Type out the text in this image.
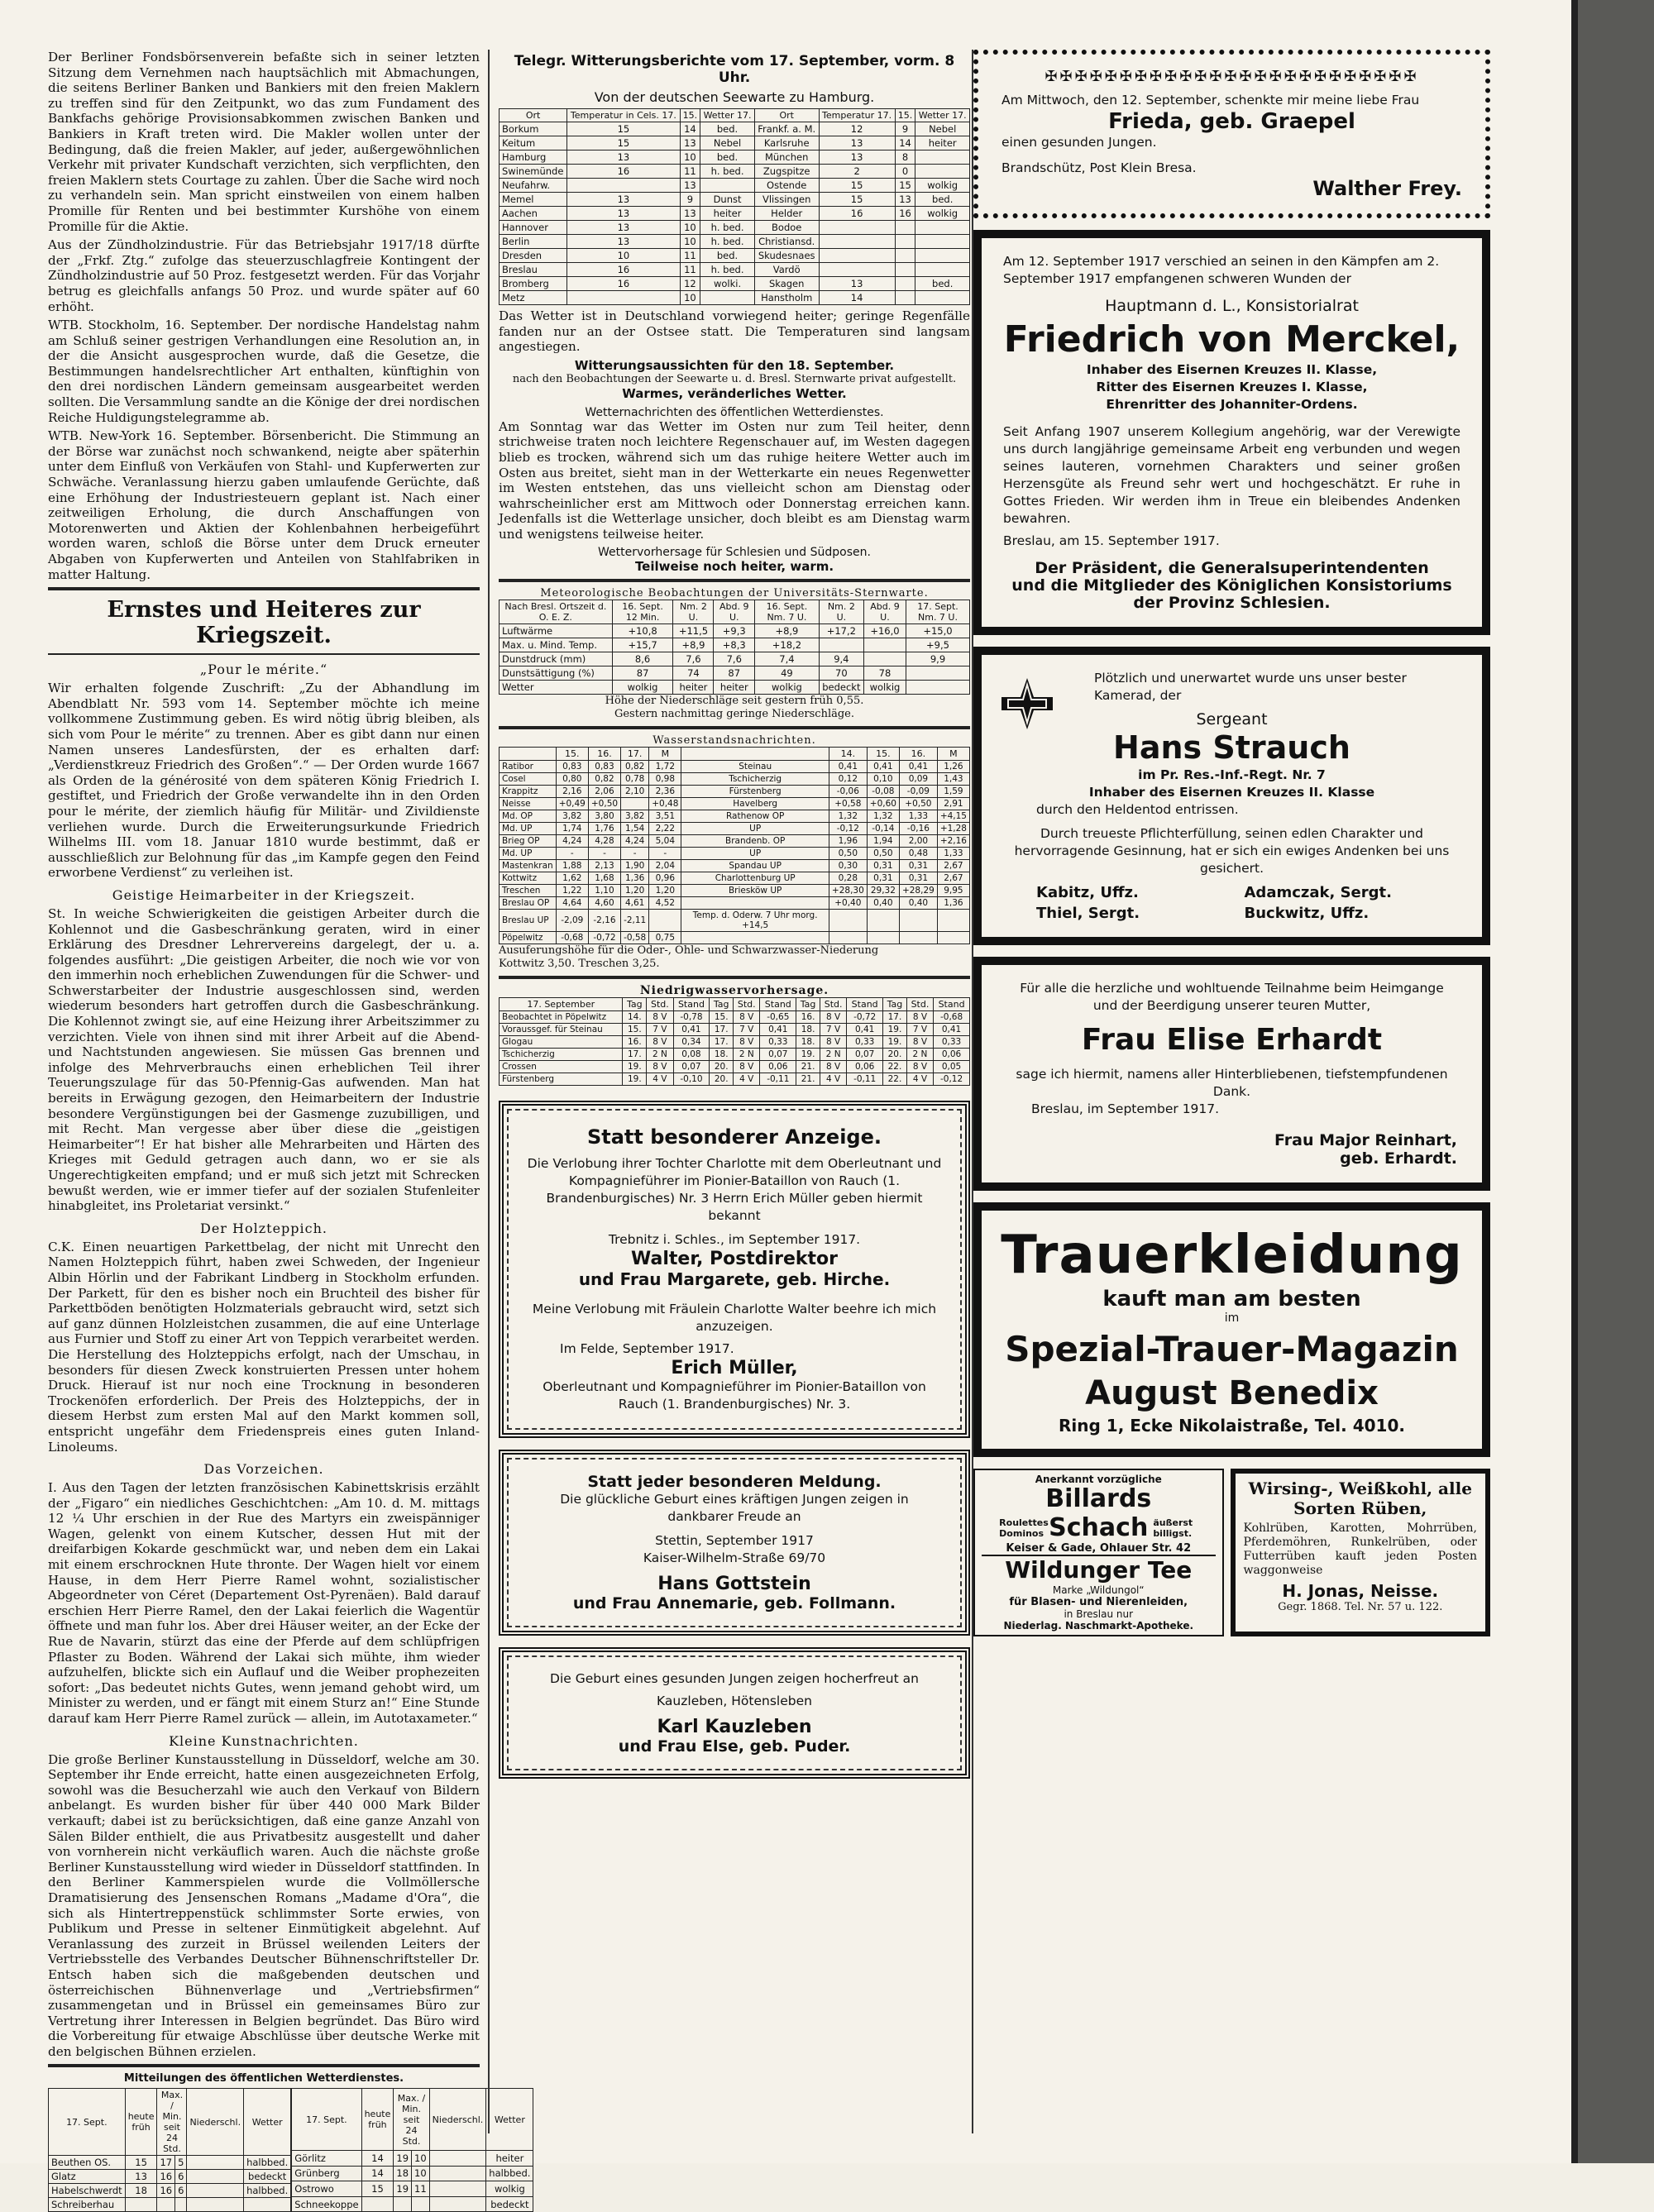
Der Berliner Fondsbörsenverein befaßte sich in seiner letzten Sitzung dem Vernehmen nach hauptsächlich mit Abmachungen, die seitens Berliner Banken und Bankiers mit den freien Maklern zu treffen sind für den Zeitpunkt, wo das zum Fundament des Bankfachs gehörige Provisionsabkommen zwischen Banken und Bankiers in Kraft treten wird. Die Makler wollen unter der Bedingung, daß die freien Makler, auf jeder, außergewöhnlichen Verkehr mit privater Kundschaft verzichten, sich verpflichten, den freien Maklern stets Courtage zu zahlen. Über die Sache wird noch zu verhandeln sein. Man spricht einstweilen von einem halben Promille für Renten und bei bestimmter Kurshöhe von einem Promille für die Aktie.

Aus der Zündholzindustrie. Für das Betriebsjahr 1917/18 dürfte der „Frkf. Ztg.“ zufolge das steuerzuschlagfreie Kontingent der Zündholzindustrie auf 50 Proz. festgesetzt werden. Für das Vorjahr betrug es gleichfalls anfangs 50 Proz. und wurde später auf 60 erhöht.

WTB. Stockholm, 16. September. Der nordische Handelstag nahm am Schluß seiner gestrigen Verhandlungen eine Resolution an, in der die Ansicht ausgesprochen wurde, daß die Gesetze, die Bestimmungen handelsrechtlicher Art enthalten, künftighin von den drei nordischen Ländern gemeinsam ausgearbeitet werden sollten. Die Versammlung sandte an die Könige der drei nordischen Reiche Huldigungstelegramme ab.

WTB. New-York 16. September. Börsenbericht. Die Stimmung an der Börse war zunächst noch schwankend, neigte aber späterhin unter dem Einfluß von Verkäufen von Stahl- und Kupferwerten zur Schwäche. Veranlassung hierzu gaben umlaufende Gerüchte, daß eine Erhöhung der Industriesteuern geplant ist. Nach einer zeitweiligen Erholung, die durch Anschaffungen von Motorenwerten und Aktien der Kohlenbahnen herbeigeführt worden waren, schloß die Börse unter dem Druck erneuter Abgaben von Kupferwerten und Anteilen von Stahlfabriken in matter Haltung.

Ernstes und Heiteres zur Kriegszeit.
„Pour le mérite.“

Wir erhalten folgende Zuschrift: „Zu der Abhandlung im Abendblatt Nr. 593 vom 14. September möchte ich meine vollkommene Zustimmung geben. Es wird nötig übrig bleiben, als sich vom Pour le mérite“ zu trennen. Aber es gibt dann nur einen Namen unseres Landesfürsten, der es erhalten darf: „Verdienstkreuz Friedrich des Großen“.“ — Der Orden wurde 1667 als Orden de la générosité von dem späteren König Friedrich I. gestiftet, und Friedrich der Große verwandelte ihn in den Orden pour le mérite, der ziemlich häufig für Militär- und Zivildienste verliehen wurde. Durch die Erweiterungsurkunde Friedrich Wilhelms III. vom 18. Januar 1810 wurde bestimmt, daß er ausschließlich zur Belohnung für das „im Kampfe gegen den Feind erworbene Verdienst“ zu verleihen ist.

Geistige Heimarbeiter in der Kriegszeit.

St. In weiche Schwierigkeiten die geistigen Arbeiter durch die Kohlennot und die Gasbeschränkung geraten, wird in einer Erklärung des Dresdner Lehrervereins dargelegt, der u. a. folgendes ausführt: „Die geistigen Arbeiter, die noch wie vor von den immerhin noch erheblichen Zuwendungen für die Schwer- und Schwerstarbeiter der Industrie ausgeschlossen sind, werden wiederum besonders hart getroffen durch die Gasbeschränkung. Die Kohlennot zwingt sie, auf eine Heizung ihrer Arbeitszimmer zu verzichten. Viele von ihnen sind mit ihrer Arbeit auf die Abend- und Nachtstunden angewiesen. Sie müssen Gas brennen und infolge des Mehrverbrauchs einen erheblichen Teil ihrer Teuerungszulage für das 50-Pfennig-Gas aufwenden. Man hat bereits in Erwägung gezogen, den Heimarbeitern der Industrie besondere Vergünstigungen bei der Gasmenge zuzubilligen, und mit Recht. Man vergesse aber über diese die „geistigen Heimarbeiter“! Er hat bisher alle Mehrarbeiten und Härten des Krieges mit Geduld getragen auch dann, wo er sie als Ungerechtigkeiten empfand; und er muß sich jetzt mit Schrecken bewußt werden, wie er immer tiefer auf der sozialen Stufenleiter hinabgleitet, ins Proletariat versinkt.“

Der Holzteppich.

C.K. Einen neuartigen Parkettbelag, der nicht mit Unrecht den Namen Holzteppich führt, haben zwei Schweden, der Ingenieur Albin Hörlin und der Fabrikant Lindberg in Stockholm erfunden. Der Parkett, für den es bisher noch ein Bruchteil des bisher für Parkettböden benötigten Holzmaterials gebraucht wird, setzt sich auf ganz dünnen Holzleistchen zusammen, die auf eine Unterlage aus Furnier und Stoff zu einer Art von Teppich verarbeitet werden. Die Herstellung des Holzteppichs erfolgt, nach der Umschau, in besonders für diesen Zweck konstruierten Pressen unter hohem Druck. Hierauf ist nur noch eine Trocknung in besonderen Trockenöfen erforderlich. Der Preis des Holzteppichs, der in diesem Herbst zum ersten Mal auf den Markt kommen soll, entspricht ungefähr dem Friedenspreis eines guten Inland-Linoleums.

Das Vorzeichen.

I. Aus den Tagen der letzten französischen Kabinettskrisis erzählt der „Figaro“ ein niedliches Geschichtchen: „Am 10. d. M. mittags 12 ¼ Uhr erschien in der Rue des Martyrs ein zweispänniger Wagen, gelenkt von einem Kutscher, dessen Hut mit der dreifarbigen Kokarde geschmückt war, und neben dem ein Lakai mit einem erschrocknen Hute thronte. Der Wagen hielt vor einem Hause, in dem Herr Pierre Ramel wohnt, sozialistischer Abgeordneter von Céret (Departement Ost-Pyrenäen). Bald darauf erschien Herr Pierre Ramel, den der Lakai feierlich die Wagentür öffnete und man fuhr los. Aber drei Häuser weiter, an der Ecke der Rue de Navarin, stürzt das eine der Pferde auf dem schlüpfrigen Pflaster zu Boden. Während der Lakai sich mühte, ihm wieder aufzuhelfen, blickte sich ein Auflauf und die Weiber prophezeiten sofort: „Das bedeutet nichts Gutes, wenn jemand gehobt wird, um Minister zu werden, und er fängt mit einem Sturz an!“ Eine Stunde darauf kam Herr Pierre Ramel zurück — allein, im Autotaxameter.“

Kleine Kunstnachrichten.

Die große Berliner Kunstausstellung in Düsseldorf, welche am 30. September ihr Ende erreicht, hatte einen ausgezeichneten Erfolg, sowohl was die Besucherzahl wie auch den Verkauf von Bildern anbelangt. Es wurden bisher für über 440 000 Mark Bilder verkauft; dabei ist zu berücksichtigen, daß eine ganze Anzahl von Sälen Bilder enthielt, die aus Privatbesitz ausgestellt und daher von vornherein nicht verkäuflich waren. Auch die nächste große Berliner Kunstausstellung wird wieder in Düsseldorf stattfinden. In den Berliner Kammerspielen wurde die Vollmöllersche Dramatisierung des Jensenschen Romans „Madame d'Ora“, die sich als Hintertreppenstück schlimmster Sorte erwies, von Publikum und Presse in seltener Einmütigkeit abgelehnt. Auf Veranlassung des zurzeit in Brüssel weilenden Leiters der Vertriebsstelle des Verbandes Deutscher Bühnenschriftsteller Dr. Entsch haben sich die maßgebenden deutschen und österreichischen Bühnenverlage und „Vertriebsfirmen“ zusammengetan und in Brüssel ein gemeinsames Büro zur Vertretung ihrer Interessen in Belgien begründet. Das Büro wird die Vorbereitung für etwaige Abschlüsse über deutsche Werke mit den belgischen Bühnen erzielen.

Mitteilungen des öffentlichen Wetterdienstes.
17. Sept.	heute früh	Max. / Min. seit 24 Std.		Niederschl.	Wetter
Beuthen OS.	15	17	5		halbbed.
Glatz	13	16	6		bedeckt
Habelschwerdt	18	16	6		halbbed.
Schreiberhau					
17. Sept.	heute früh	Max. / Min. seit 24 Std.		Niederschl.	Wetter
Görlitz	14	19	10		heiter
Grünberg	14	18	10		halbbed.
Ostrowo	15	19	11		wolkig
Schneekoppe					bedeckt
Telegr. Witterungsberichte vom 17. September, vorm. 8 Uhr.
Von der deutschen Seewarte zu Hamburg.
Ort	Temperatur in Cels. 17.	15.	Wetter 17.	Ort	Temperatur 17.	15.	Wetter 17.
Borkum	15	14	bed.	Frankf. a. M.	12	9	Nebel
Keitum	15	13	Nebel	Karlsruhe	13	14	heiter
Hamburg	13	10	bed.	München	13	8	
Swinemünde	16	11	h. bed.	Zugspitze	2	0	
Neufahrw.		13		Ostende	15	15	wolkig
Memel	13	9	Dunst	Vlissingen	15	13	bed.
Aachen	13	13	heiter	Helder	16	16	wolkig
Hannover	13	10	h. bed.	Bodoe			
Berlin	13	10	h. bed.	Christiansd.			
Dresden	10	11	bed.	Skudesnaes			
Breslau	16	11	h. bed.	Vardö			
Bromberg	16	12	wolki.	Skagen	13		bed.
Metz		10		Hanstholm	14		

Das Wetter ist in Deutschland vorwiegend heiter; geringe Regenfälle fanden nur an der Ostsee statt. Die Temperaturen sind langsam angestiegen.

Witterungsaussichten für den 18. September.
nach den Beobachtungen der Seewarte u. d. Bresl. Sternwarte privat aufgestellt.
Warmes, veränderliches Wetter.
Wetternachrichten des öffentlichen Wetterdienstes.

Am Sonntag war das Wetter im Osten nur zum Teil heiter, denn strichweise traten noch leichtere Regenschauer auf, im Westen dagegen blieb es trocken, während sich um das ruhige heitere Wetter auch im Osten aus breitet, sieht man in der Wetterkarte ein neues Regenwetter im Westen entstehen, das uns vielleicht schon am Dienstag oder wahrscheinlicher erst am Mittwoch oder Donnerstag erreichen kann. Jedenfalls ist die Wetterlage unsicher, doch bleibt es am Dienstag warm und wenigstens teilweise heiter.

Wettervorhersage für Schlesien und Südposen.
Teilweise noch heiter, warm.
Meteorologische Beobachtungen der Universitäts-Sternwarte.
Nach Bresl. Ortszeit d. O. E. Z.	16. Sept. 12 Min.	Nm. 2 U.	Abd. 9 U.	16. Sept. Nm. 7 U.	Nm. 2 U.	Abd. 9 U.	17. Sept. Nm. 7 U.
Luftwärme	+10,8	+11,5	+9,3	+8,9	+17,2	+16,0	+15,0
Max. u. Mind. Temp.	+15,7	+8,9	+8,3	+18,2			+9,5
Dunstdruck (mm)	8,6	7,6	7,6	7,4	9,4		9,9
Dunstsättigung (%)	87	74	87	49	70	78	
Wetter	wolkig	heiter	heiter	wolkig	bedeckt	wolkig	
Höhe der Niederschläge seit gestern früh 0,55.
Gestern nachmittag geringe Niederschläge.
Wasserstandsnachrichten.
	15.	16.	17.	M		14.	15.	16.	M
Ratibor	0,83	0,83	0,82	1,72	Steinau	0,41	0,41	0,41	1,26
Cosel	0,80	0,82	0,78	0,98	Tschicherzig	0,12	0,10	0,09	1,43
Krappitz	2,16	2,06	2,10	2,36	Fürstenberg	-0,06	-0,08	-0,09	1,59
Neisse	+0,49	+0,50		+0,48	Havelberg	+0,58	+0,60	+0,50	2,91
Md. OP	3,82	3,80	3,82	3,51	Rathenow OP	1,32	1,32	1,33	+4,15
Md. UP	1,74	1,76	1,54	2,22	UP	-0,12	-0,14	-0,16	+1,28
Brieg OP	4,24	4,28	4,24	5,04	Brandenb. OP	1,96	1,94	2,00	+2,16
Md. UP	-	-	-	-	UP	0,50	0,50	0,48	1,33
Mastenkran	1,88	2,13	1,90	2,04	Spandau UP	0,30	0,31	0,31	2,67
Kottwitz	1,62	1,68	1,36	0,96	Charlottenburg UP	0,28	0,31	0,31	2,67
Treschen	1,22	1,10	1,20	1,20	Briesköw UP	+28,30	29,32	+28,29	9,95
Breslau OP	4,64	4,60	4,61	4,52		+0,40	0,40	0,40	1,36
Breslau UP	-2,09	-2,16	-2,11		Temp. d. Oderw. 7 Uhr morg. +14,5				
Pöpelwitz	-0,68	-0,72	-0,58	0,75					
Ausuferungshöhe für die Oder-, Ohle- und Schwarzwasser-Niederung
Kottwitz 3,50. Treschen 3,25.
Niedrigwasservorhersage.
17. September	Tag	Std.	Stand	Tag	Std.	Stand	Tag	Std.	Stand	Tag	Std.	Stand
Beobachtet in Pöpelwitz	14.	8 V	-0,78	15.	8 V	-0,65	16.	8 V	-0,72	17.	8 V	-0,68
Voraussgef. für Steinau	15.	7 V	0,41	17.	7 V	0,41	18.	7 V	0,41	19.	7 V	0,41
Glogau	16.	8 V	0,34	17.	8 V	0,33	18.	8 V	0,33	19.	8 V	0,33
Tschicherzig	17.	2 N	0,08	18.	2 N	0,07	19.	2 N	0,07	20.	2 N	0,06
Crossen	19.	8 V	0,07	20.	8 V	0,06	21.	8 V	0,06	22.	8 V	0,05
Fürstenberg	19.	4 V	-0,10	20.	4 V	-0,11	21.	4 V	-0,11	22.	4 V	-0,12
Statt besonderer Anzeige.

Die Verlobung ihrer Tochter Charlotte mit dem Oberleutnant und Kompagnieführer im Pionier-Bataillon von Rauch (1. Brandenburgisches) Nr. 3 Herrn Erich Müller geben hiermit bekannt

Trebnitz i. Schles., im September 1917.
Walter, Postdirektor
und Frau Margarete, geb. Hirche.

Meine Verlobung mit Fräulein Charlotte Walter beehre ich mich anzuzeigen.

Im Felde, September 1917.
Erich Müller,
Oberleutnant und Kompagnieführer im Pionier-Bataillon von Rauch (1. Brandenburgisches) Nr. 3.
Statt jeder besonderen Meldung.
Die glückliche Geburt eines kräftigen Jungen zeigen in dankbarer Freude an
Stettin, September 1917
Kaiser-Wilhelm-Straße 69/70
Hans Gottstein
und Frau Annemarie, geb. Follmann.
Die Geburt eines gesunden Jungen zeigen hocherfreut an
Kauzleben, Hötensleben
Karl Kauzleben
und Frau Else, geb. Puder.
✠✠✠✠✠✠✠✠✠✠✠✠✠✠✠✠✠✠✠✠✠✠✠✠✠
Am Mittwoch, den 12. September, schenkte mir meine liebe Frau
Frieda, geb. Graepel
einen gesunden Jungen.
Brandschütz, Post Klein Bresa.
Walther Frey.
Am 12. September 1917 verschied an seinen in den Kämpfen am 2. September 1917 empfangenen schweren Wunden der
Hauptmann d. L., Konsistorialrat
Friedrich von Merckel,
Inhaber des Eisernen Kreuzes II. Klasse,
Ritter des Eisernen Kreuzes I. Klasse,
Ehrenritter des Johanniter-Ordens.

Seit Anfang 1907 unserem Kollegium angehörig, war der Verewigte uns durch langjährige gemeinsame Arbeit eng verbunden und wegen seines lauteren, vornehmen Charakters und seiner großen Herzensgüte als Freund sehr wert und hochgeschätzt. Er ruhe in Gottes Frieden. Wir werden ihm in Treue ein bleibendes Andenken bewahren.

Breslau, am 15. September 1917.
Der Präsident, die Generalsuperintendenten
und die Mitglieder des Königlichen Konsistoriums
der Provinz Schlesien.
Plötzlich und unerwartet wurde uns unser bester Kamerad, der
Sergeant
Hans Strauch
im Pr. Res.-Inf.-Regt. Nr. 7
Inhaber des Eisernen Kreuzes II. Klasse
durch den Heldentod entrissen.

Durch treueste Pflichterfüllung, seinen edlen Charakter und hervorragende Gesinnung, hat er sich ein ewiges Andenken bei uns gesichert.

Kabitz, Uffz.	Adamczak, Sergt.
Thiel, Sergt.	Buckwitz, Uffz.
Für alle die herzliche und wohltuende Teilnahme beim Heimgange und der Beerdigung unserer teuren Mutter,
Frau Elise Erhardt
sage ich hiermit, namens aller Hinterbliebenen, tiefstempfundenen Dank.
Breslau, im September 1917.
Frau Major Reinhart,
geb. Erhardt.
Trauerkleidung
kauft man am besten
im
Spezial-Trauer-Magazin
August Benedix
Ring 1, Ecke Nikolaistraße, Tel. 4010.
Anerkannt vorzügliche
Billards
Roulettes Dominos Schach äußerst billigst.
Keiser & Gade, Ohlauer Str. 42
Wildunger Tee
Marke „Wildungol“
für Blasen- und Nierenleiden,
in Breslau nur
Niederlag. Naschmarkt-Apotheke.
Wirsing-, Weißkohl, alle Sorten Rüben,

Kohlrüben, Karotten, Mohrrüben, Pferdemöhren, Runkelrüben, oder Futterrüben kauft jeden Posten waggonweise

H. Jonas, Neisse.
Gegr. 1868. Tel. Nr. 57 u. 122.
